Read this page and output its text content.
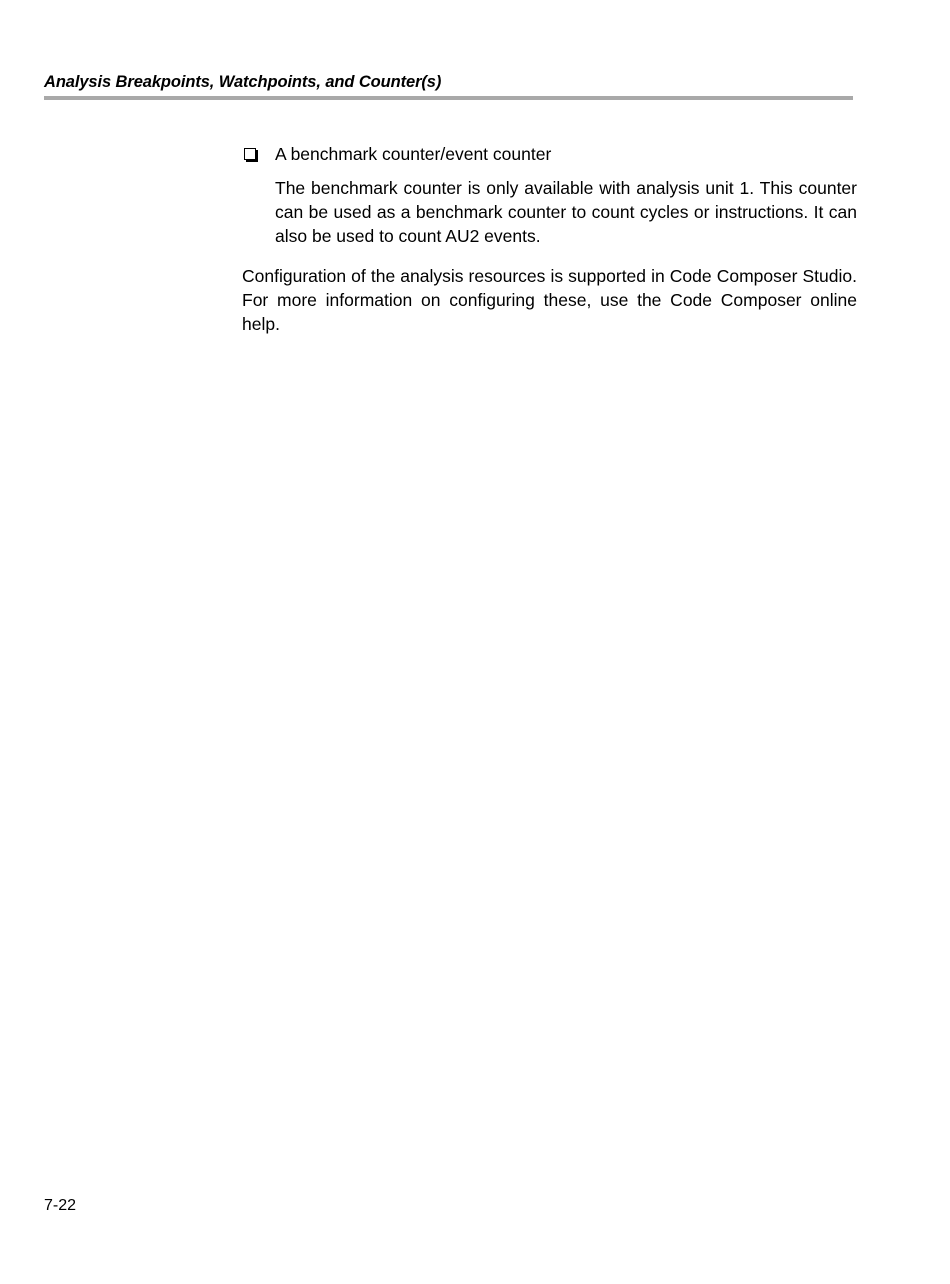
Analysis Breakpoints, Watchpoints, and Counter(s)

A benchmark counter/event counter

The benchmark counter is only available with analysis unit 1. This counter can be used as a benchmark counter to count cycles or instructions. It can also be used to count AU2 events.

Configuration of the analysis resources is supported in Code Composer Studio. For more information on configuring these, use the Code Composer online help.

7-22
